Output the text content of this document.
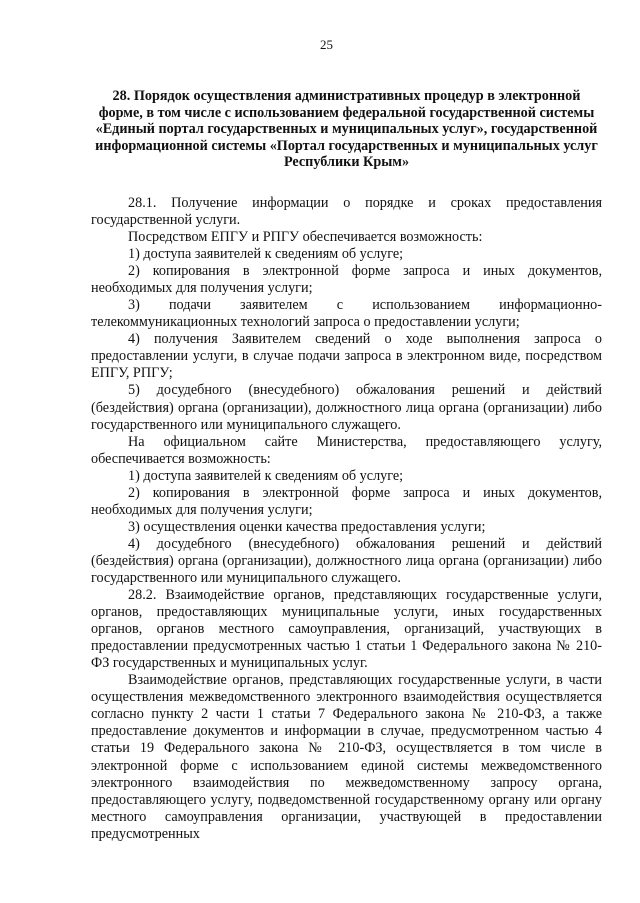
25
28. Порядок осуществления административных процедур в электронной форме, в том числе с использованием федеральной государственной системы «Единый портал государственных и муниципальных услуг», государственной информационной системы «Портал государственных и муниципальных услуг Республики Крым»

28.1. Получение информации о порядке и сроках предоставления государственной услуги.

Посредством ЕПГУ и РПГУ обеспечивается возможность:

1) доступа заявителей к сведениям об услуге;

2) копирования в электронной форме запроса и иных документов, необходимых для получения услуги;

3) подачи заявителем с использованием информационно-телекоммуникационных технологий запроса о предоставлении услуги;

4) получения Заявителем сведений о ходе выполнения запроса о предоставлении услуги, в случае подачи запроса в электронном виде, посредством ЕПГУ, РПГУ;

5) досудебного (внесудебного) обжалования решений и действий (бездействия) органа (организации), должностного лица органа (организации) либо государственного или муниципального служащего.

На официальном сайте Министерства, предоставляющего услугу, обеспечивается возможность:

1) доступа заявителей к сведениям об услуге;

2) копирования в электронной форме запроса и иных документов, необходимых для получения услуги;

3) осуществления оценки качества предоставления услуги;

4) досудебного (внесудебного) обжалования решений и действий (бездействия) органа (организации), должностного лица органа (организации) либо государственного или муниципального служащего.

28.2. Взаимодействие органов, представляющих государственные услуги, органов, предоставляющих муниципальные услуги, иных государственных органов, органов местного самоуправления, организаций, участвующих в предоставлении предусмотренных частью 1 статьи 1 Федерального закона № 210-ФЗ государственных и муниципальных услуг.

Взаимодействие органов, представляющих государственные услуги, в части осуществления межведомственного электронного взаимодействия осуществляется согласно пункту 2 части 1 статьи 7 Федерального закона № 210-ФЗ, а также предоставление документов и информации в случае, предусмотренном частью 4 статьи 19 Федерального закона № 210-ФЗ, осуществляется в том числе в электронной форме с использованием единой системы межведомственного электронного взаимодействия по межведомственному запросу органа, предоставляющего услугу, подведомственной государственному органу или органу местного самоуправления организации, участвующей в предоставлении предусмотренных
